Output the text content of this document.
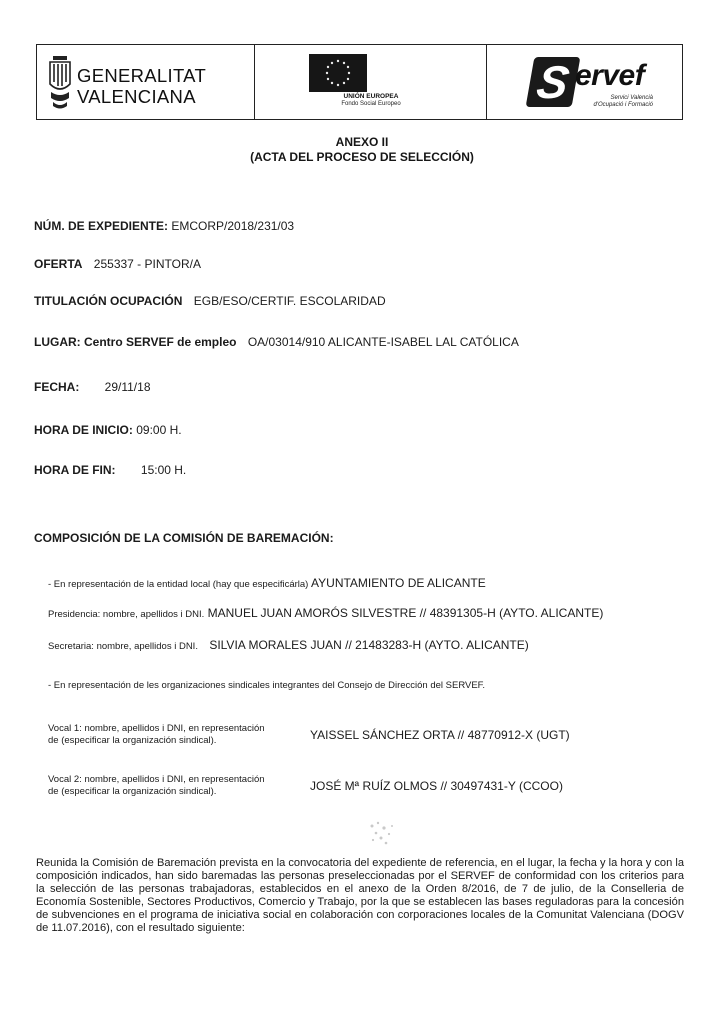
GENERALITAT
VALENCIANA	UNIÓN EUROPEA
Fondo Social Europeo	S ervef
Servici Valencià
d'Ocupació i Formació
ANEXO II
(ACTA DEL PROCESO DE SELECCIÓN)
NÚM. DE EXPEDIENTE: EMCORP/2018/231/03
OFERTA 255337 - PINTOR/A
TITULACIÓN OCUPACIÓN EGB/ESO/CERTIF. ESCOLARIDAD
LUGAR: Centro SERVEF de empleo OA/03014/910 ALICANTE-ISABEL LAL CATÓLICA
FECHA: 29/11/18
HORA DE INICIO: 09:00 H.
HORA DE FIN: 15:00 H.
COMPOSICIÓN DE LA COMISIÓN DE BAREMACIÓN:
- En representación de la entidad local (hay que especificárla) AYUNTAMIENTO DE ALICANTE
Presidencia: nombre, apellidos i DNI. MANUEL JUAN AMORÓS SILVESTRE // 48391305-H (AYTO. ALICANTE)
Secretaria: nombre, apellidos i DNI. SILVIA MORALES JUAN // 21483283-H (AYTO. ALICANTE)
- En representación de les organizaciones sindicales integrantes del Consejo de Dirección del SERVEF.
Vocal 1: nombre, apellidos i DNI, en representación
de (especificar la organización sindical).	YAISSEL SÁNCHEZ ORTA // 48770912-X (UGT)
Vocal 2: nombre, apellidos i DNI, en representación
de (especificar la organización sindical).	JOSÉ Mª RUÍZ OLMOS // 30497431-Y (CCOO)
Reunida la Comisión de Baremación prevista en la convocatoria del expediente de referencia, en el lugar, la fecha y la hora y con la composición indicados, han sido baremadas las personas preseleccionadas por el SERVEF de conformidad con los criterios para la selección de las personas trabajadoras, establecidos en el anexo de la Orden 8/2016, de 7 de julio, de la Conselleria de Economía Sostenible, Sectores Productivos, Comercio y Trabajo, por la que se establecen las bases reguladoras para la concesión de subvenciones en el programa de iniciativa social en colaboración con corporaciones locales de la Comunitat Valenciana (DOGV de 11.07.2016), con el resultado siguiente:
